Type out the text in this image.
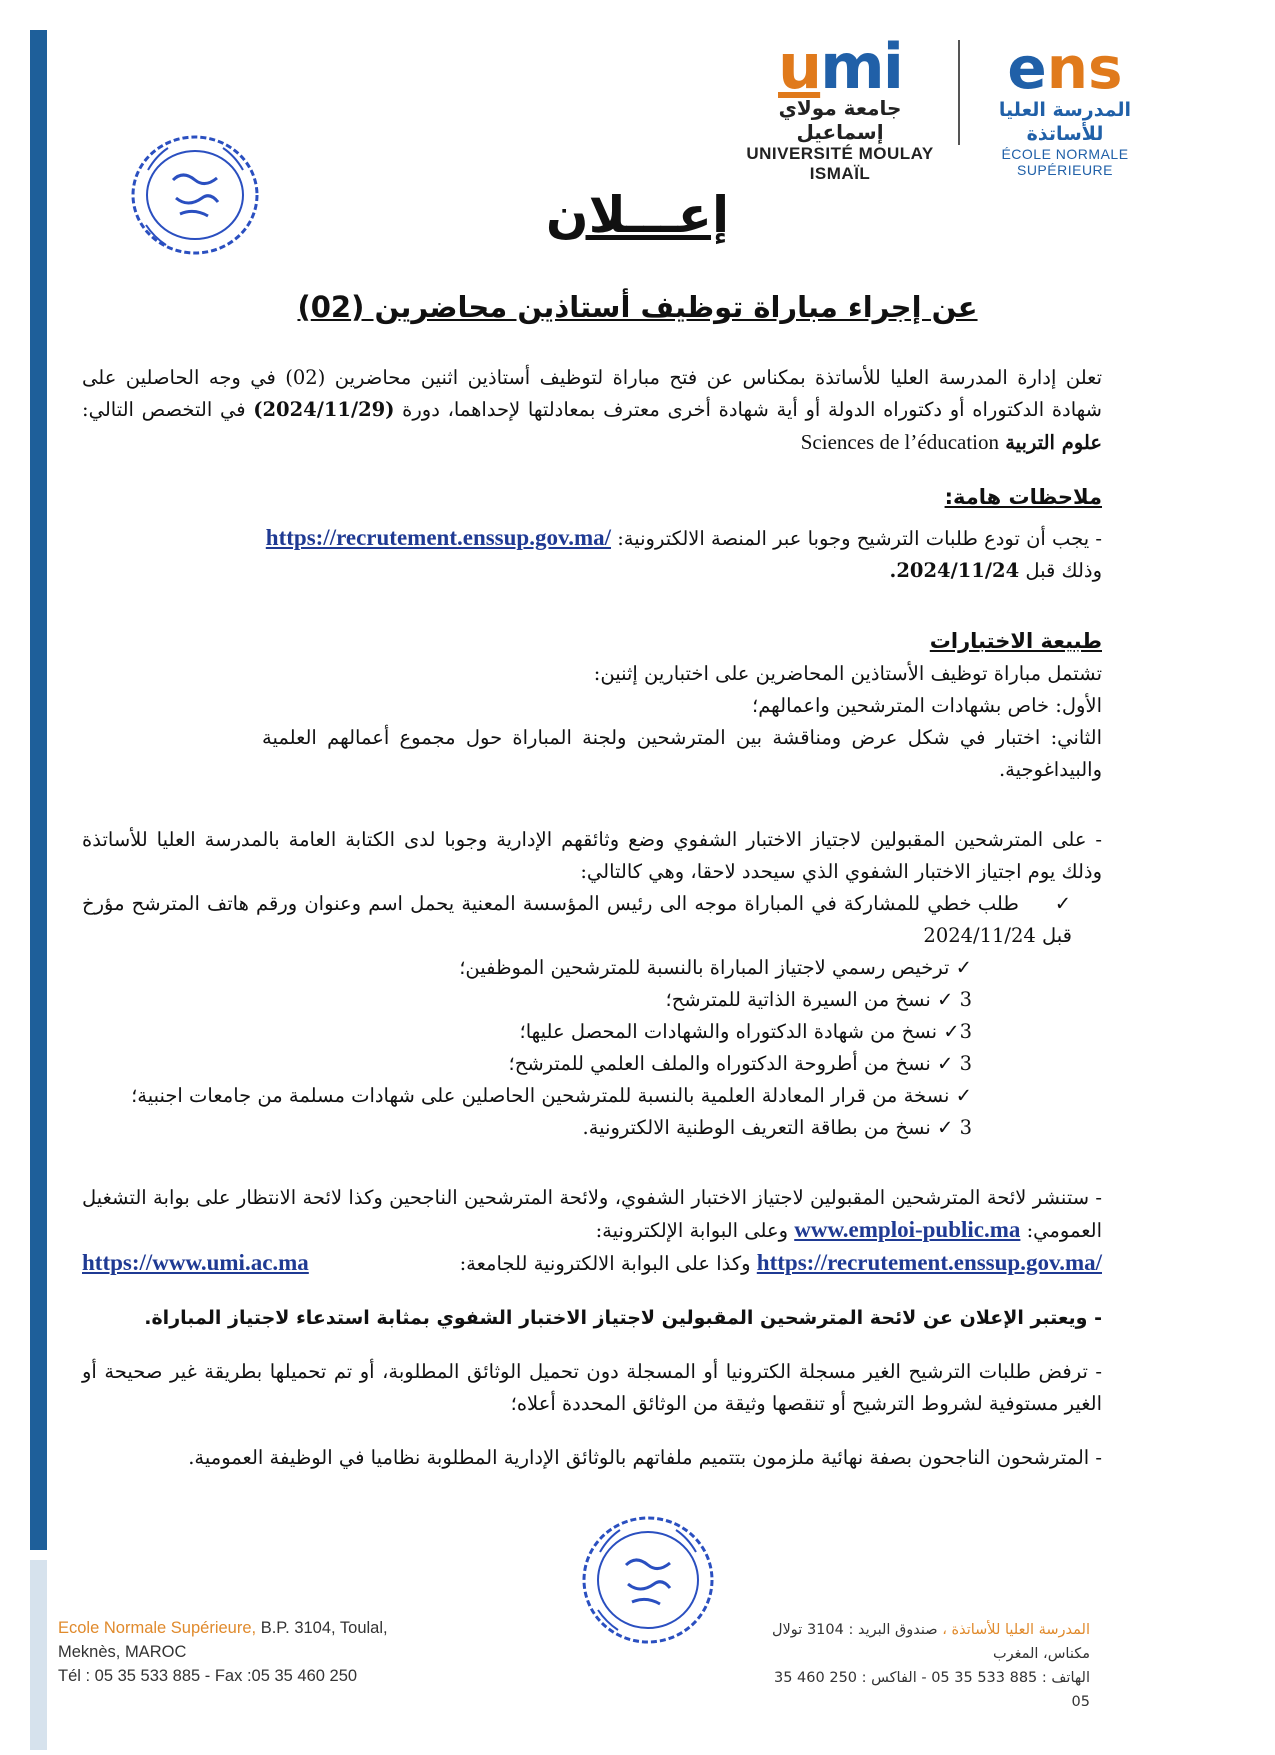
umi
جامعة مولاي إسماعيل
UNIVERSITÉ MOULAY ISMAÏL
ens
المدرسة العليا للأساتذة
ÉCOLE NORMALE SUPÉRIEURE
إعـــلان
عن إجراء مباراة توظيف أستاذين محاضرين (02)

تعلن إدارة المدرسة العليا للأساتذة بمكناس عن فتح مباراة لتوظيف أستاذين اثنين محاضرين (02) في وجه الحاصلين على شهادة الدكتوراه أو دكتوراه الدولة أو أية شهادة أخرى معترف بمعادلتها لإحداهما، دورة (2024/11/29) في التخصص التالي: علوم التربية Sciences de l’éducation

ملاحظات هامة:

- يجب أن تودع طلبات الترشيح وجوبا عبر المنصة الالكترونية: https://recrutement.enssup.gov.ma/
وذلك قبل 2024/11/24.

طبيعة الاختبارات

تشتمل مباراة توظيف الأستاذين المحاضرين على اختبارين إثنين:

الأول: خاص بشهادات المترشحين واعمالهم؛

الثاني: اختبار في شكل عرض ومناقشة بين المترشحين ولجنة المباراة حول مجموع أعمالهم العلمية والبيداغوجية.

- على المترشحين المقبولين لاجتياز الاختبار الشفوي وضع وثائقهم الإدارية وجوبا لدى الكتابة العامة بالمدرسة العليا للأساتذة وذلك يوم اجتياز الاختبار الشفوي الذي سيحدد لاحقا، وهي كالتالي:

✓     طلب خطي للمشاركة في المباراة موجه الى رئيس المؤسسة المعنية يحمل اسم وعنوان ورقم هاتف المترشح مؤرخ قبل 2024/11/24

✓ ترخيص رسمي لاجتياز المباراة بالنسبة للمترشحين الموظفين؛
3 ✓ نسخ من السيرة الذاتية للمترشح؛
3✓ نسخ من شهادة الدكتوراه والشهادات المحصل عليها؛
3 ✓ نسخ من أطروحة الدكتوراه والملف العلمي للمترشح؛
✓ نسخة من قرار المعادلة العلمية بالنسبة للمترشحين الحاصلين على شهادات مسلمة من جامعات اجنبية؛
3 ✓ نسخ من بطاقة التعريف الوطنية الالكترونية.

- ستنشر لائحة المترشحين المقبولين لاجتياز الاختبار الشفوي، ولائحة المترشحين الناجحين وكذا لائحة الانتظار على بوابة التشغيل العمومي: www.emploi-public.ma وعلى البوابة الإلكترونية:

https://recrutement.enssup.gov.ma/ وكذا على البوابة الالكترونية للجامعة:
https://www.umi.ac.ma

- ويعتبر الإعلان عن لائحة المترشحين المقبولين لاجتياز الاختبار الشفوي بمثابة استدعاء لاجتياز المباراة.

- ترفض طلبات الترشيح الغير مسجلة الكترونيا أو المسجلة دون تحميل الوثائق المطلوبة، أو تم تحميلها بطريقة غير صحيحة أو الغير مستوفية لشروط الترشيح أو تنقصها وثيقة من الوثائق المحددة أعلاه؛

- المترشحون الناجحون بصفة نهائية ملزمون بتتميم ملفاتهم بالوثائق الإدارية المطلوبة نظاميا في الوظيفة العمومية.

Ecole Normale Supérieure, B.P. 3104, Toulal,
Meknès, MAROC
Tél : 05 35 533 885 - Fax :05 35 460 250
المدرسة العليا للأساتذة ، صندوق البريد : 3104 تولال
مكناس، المغرب
الهاتف : 885 533 35 05 - الفاكس : 250 460 35 05
